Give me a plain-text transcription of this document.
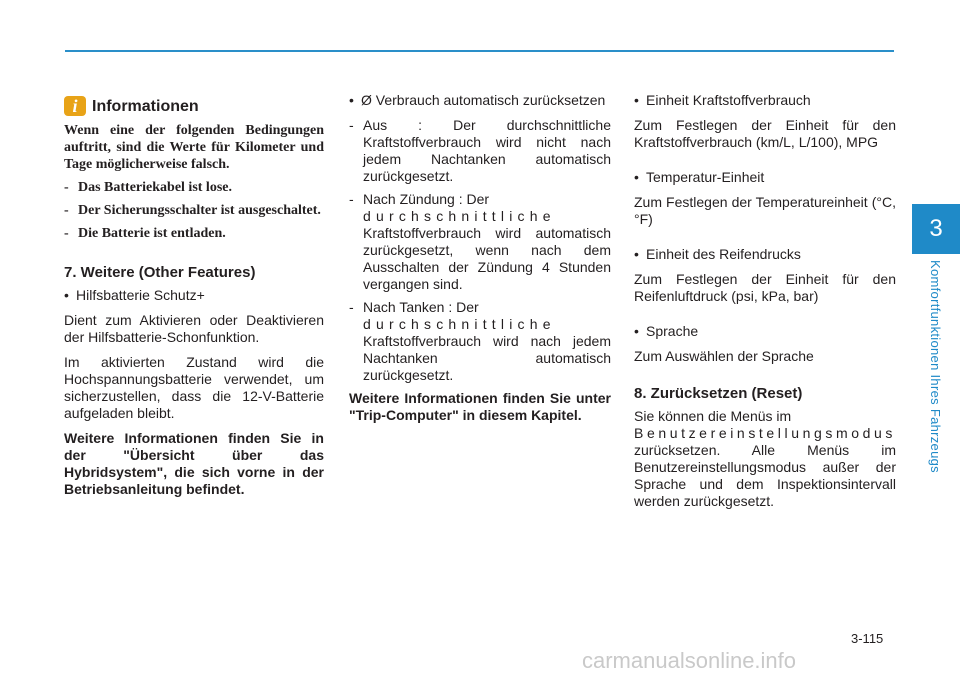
3
Komfortfunktionen Ihres Fahrzeugs
i Informationen

Wenn eine der folgenden Bedingungen auftritt, sind die Werte für Kilometer und Tage möglicherweise falsch.

- Das Batteriekabel ist lose.
- Der Sicherungsschalter ist ausgeschaltet.
- Die Batterie ist entladen.
7. Weitere (Other Features)
• Hilfsbatterie Schutz+

Dient zum Aktivieren oder Deaktivieren der Hilfsbatterie-Schonfunktion.

Im aktivierten Zustand wird die Hochspannungsbatterie verwendet, um sicherzustellen, dass die 12-V-Batterie aufgeladen bleibt.

Weitere Informationen finden Sie in der "Übersicht über das Hybridsystem", die sich vorne in der Betriebsanleitung befindet.

• Ø Verbrauch automatisch zurücksetzen
- Aus : Der durchschnittliche Kraftstoffverbrauch wird nicht nach jedem Nachtanken automatisch zurückgesetzt.
- Nach Zündung : Der
durchschnittliche
Kraftstoffverbrauch wird automatisch zurückgesetzt, wenn nach dem Ausschalten der Zündung 4 Stunden vergangen sind.
- Nach Tanken : Der
durchschnittliche
Kraftstoffverbrauch wird nach jedem Nachtanken automatisch zurückgesetzt.

Weitere Informationen finden Sie unter "Trip-Computer" in diesem Kapitel.

• Einheit Kraftstoffverbrauch

Zum Festlegen der Einheit für den Kraftstoffverbrauch (km/L, L/100), MPG

• Temperatur-Einheit

Zum Festlegen der Temperatureinheit (°C, °F)

• Einheit des Reifendrucks

Zum Festlegen der Einheit für den Reifenluftdruck (psi, kPa, bar)

• Sprache

Zum Auswählen der Sprache

8. Zurücksetzen (Reset)

Sie können die Menüs im
Benutzereinstellungsmodus
zurücksetzen. Alle Menüs im Benutzereinstellungsmodus außer der Sprache und dem Inspektionsintervall werden zurückgesetzt.

3-115
carmanualsonline.info
